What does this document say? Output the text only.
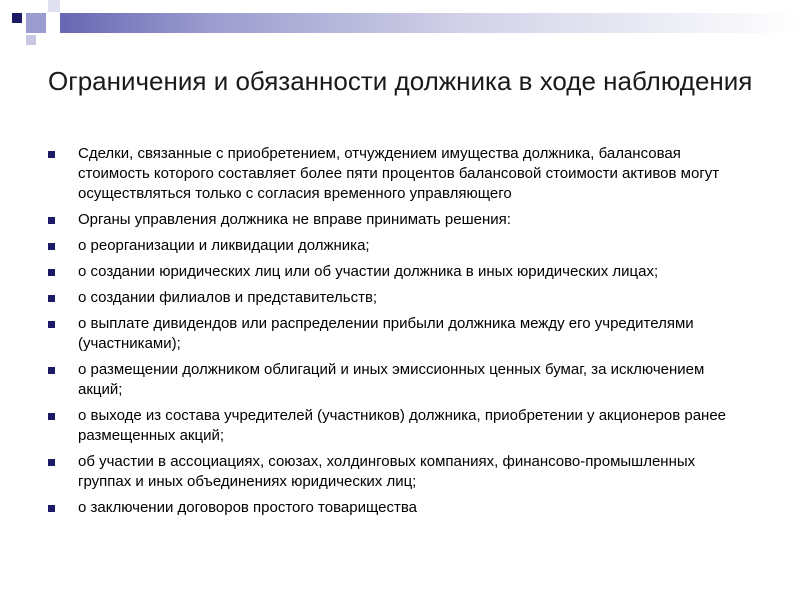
Ограничения и обязанности должника в ходе наблюдения
Сделки, связанные с приобретением, отчуждением имущества должника, балансовая стоимость которого составляет более пяти процентов балансовой стоимости активов могут осуществляться только с согласия временного управляющего
Органы управления должника не вправе принимать решения:
о реорганизации и ликвидации должника;
о создании юридических лиц или об участии должника в иных юридических лицах;
о создании филиалов и представительств;
о выплате дивидендов или распределении прибыли должника между его учредителями (участниками);
о размещении должником облигаций и иных эмиссионных ценных бумаг, за исключением акций;
о выходе из состава учредителей (участников) должника, приобретении у акционеров ранее размещенных акций;
об участии в ассоциациях, союзах, холдинговых компаниях, финансово-промышленных группах и иных объединениях юридических лиц;
о заключении договоров простого товарищества
